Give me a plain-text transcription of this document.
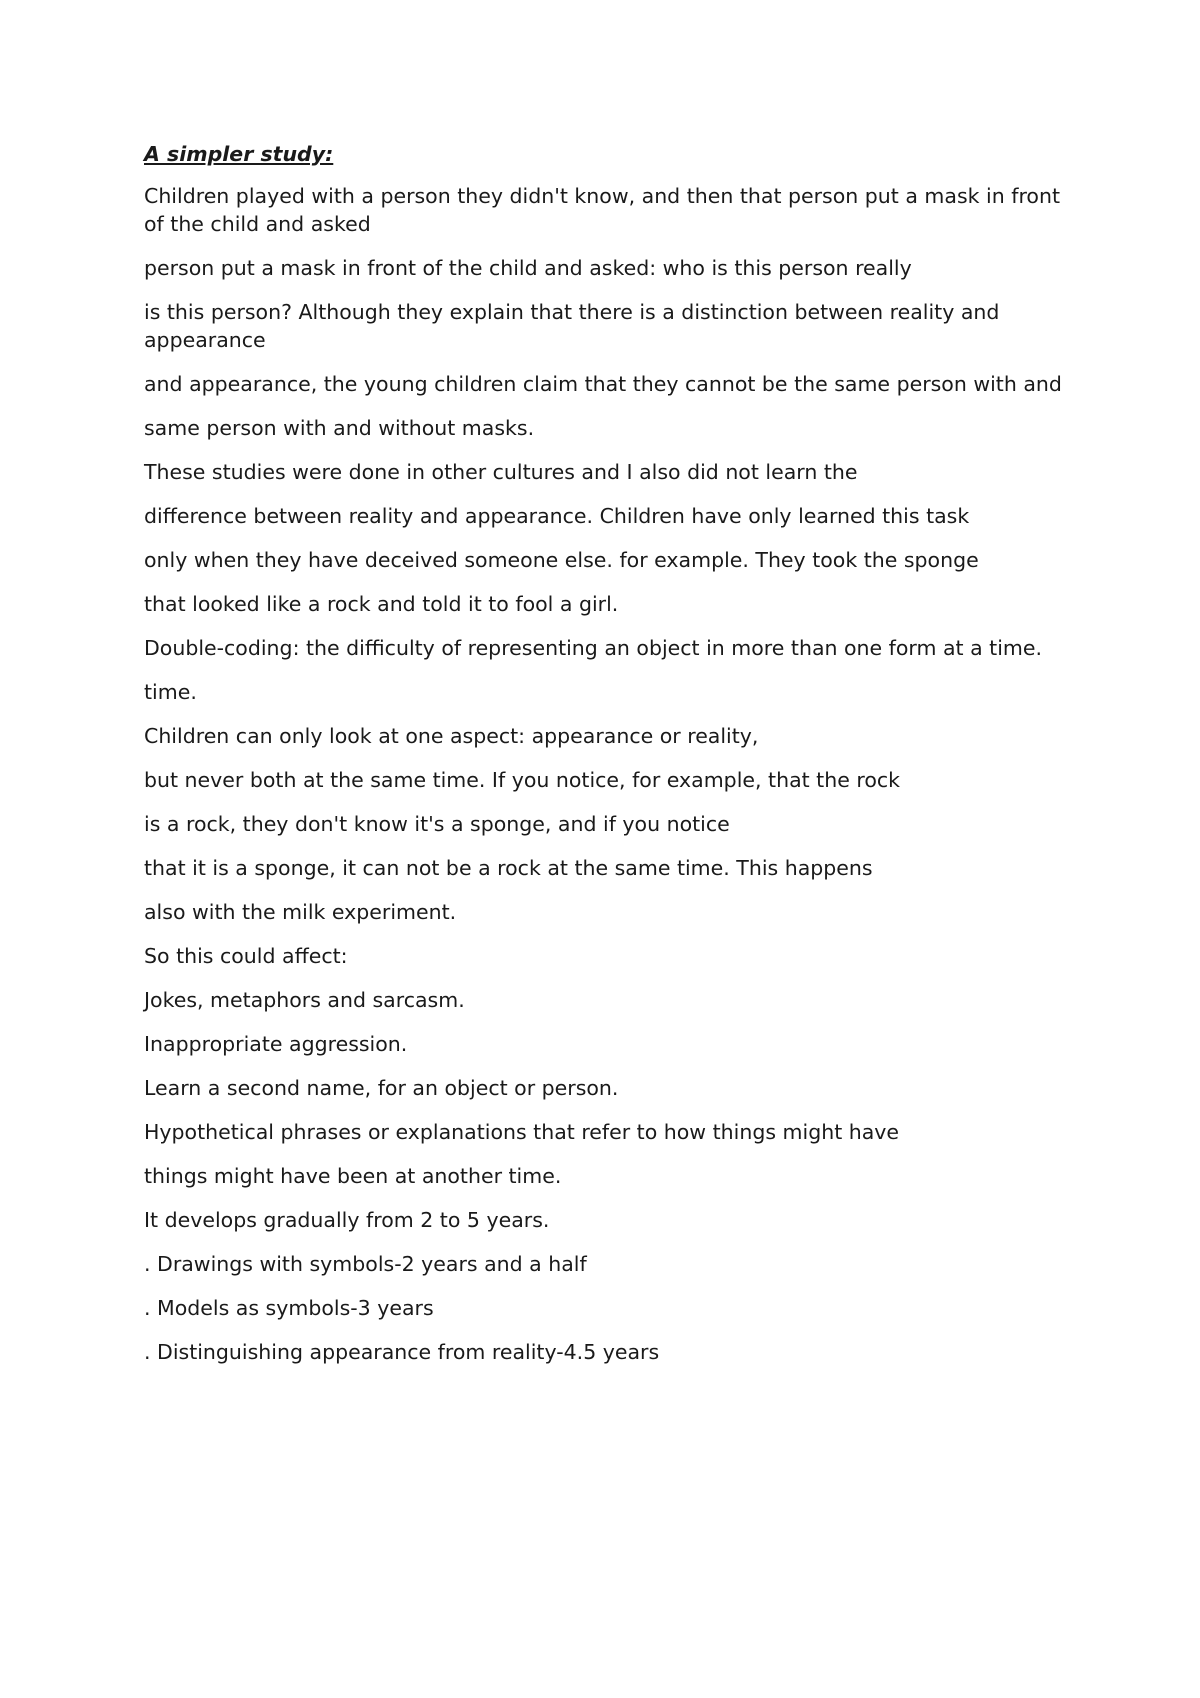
A simpler study:
Children played with a person they didn't know, and then that person put a mask in front of the child and asked
person put a mask in front of the child and asked: who is this person really
is this person? Although they explain that there is a distinction between reality and appearance
and appearance, the young children claim that they cannot be the same person with and
same person with and without masks.
These studies were done in other cultures and I also did not learn the
difference between reality and appearance. Children have only learned this task
only when they have deceived someone else. for example. They took the sponge
that looked like a rock and told it to fool a girl.
Double-coding: the difficulty of representing an object in more than one form at a time.
time.
Children can only look at one aspect: appearance or reality,
but never both at the same time. If you notice, for example, that the rock
is a rock, they don't know it's a sponge, and if you notice
that it is a sponge, it can not be a rock at the same time. This happens
also with the milk experiment.
So this could affect:
Jokes, metaphors and sarcasm.
Inappropriate aggression.
Learn a second name, for an object or person.
Hypothetical phrases or explanations that refer to how things might have
things might have been at another time.
It develops gradually from 2 to 5 years.
. Drawings with symbols-2 years and a half
. Models as symbols-3 years
. Distinguishing appearance from reality-4.5 years
